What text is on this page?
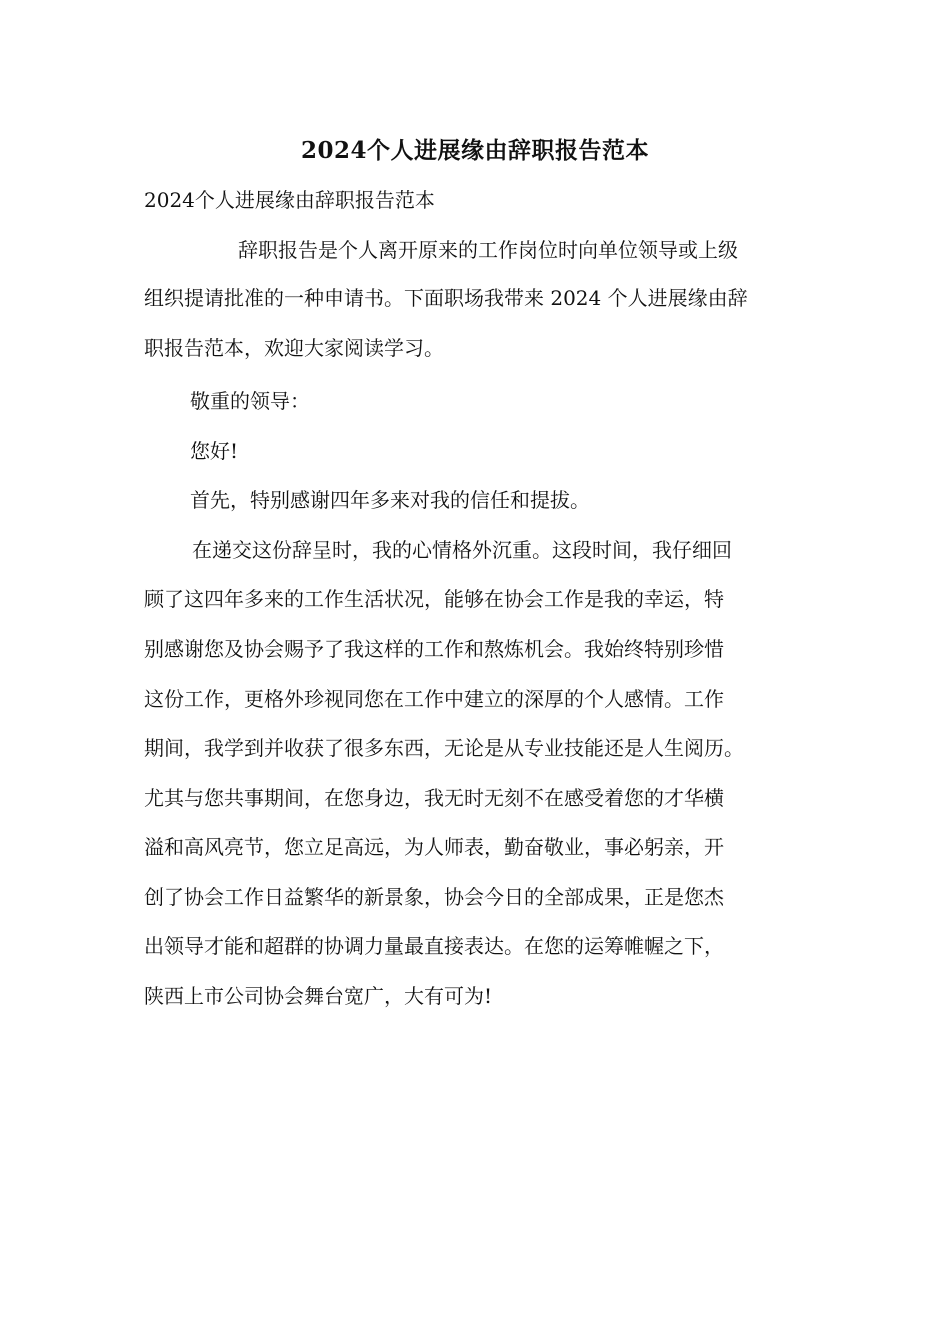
2024个人进展缘由辞职报告范本

2024个人进展缘由辞职报告范本

辞职报告是个人离开原来的工作岗位时向单位领导或上级

组织提请批准的一种申请书。下面职场我带来 2024 个人进展缘由辞

职报告范本，欢迎大家阅读学习。

敬重的领导：

您好!

首先，特别感谢四年多来对我的信任和提拔。

在递交这份辞呈时，我的心情格外沉重。这段时间，我仔细回

顾了这四年多来的工作生活状况，能够在协会工作是我的幸运，特

别感谢您及协会赐予了我这样的工作和熬炼机会。我始终特别珍惜

这份工作，更格外珍视同您在工作中建立的深厚的个人感情。工作

期间，我学到并收获了很多东西，无论是从专业技能还是人生阅历。

尤其与您共事期间，在您身边，我无时无刻不在感受着您的才华横

溢和高风亮节，您立足高远，为人师表，勤奋敬业，事必躬亲，开

创了协会工作日益繁华的新景象，协会今日的全部成果，正是您杰

出领导才能和超群的协调力量最直接表达。在您的运筹帷幄之下，

陕西上市公司协会舞台宽广，大有可为!
